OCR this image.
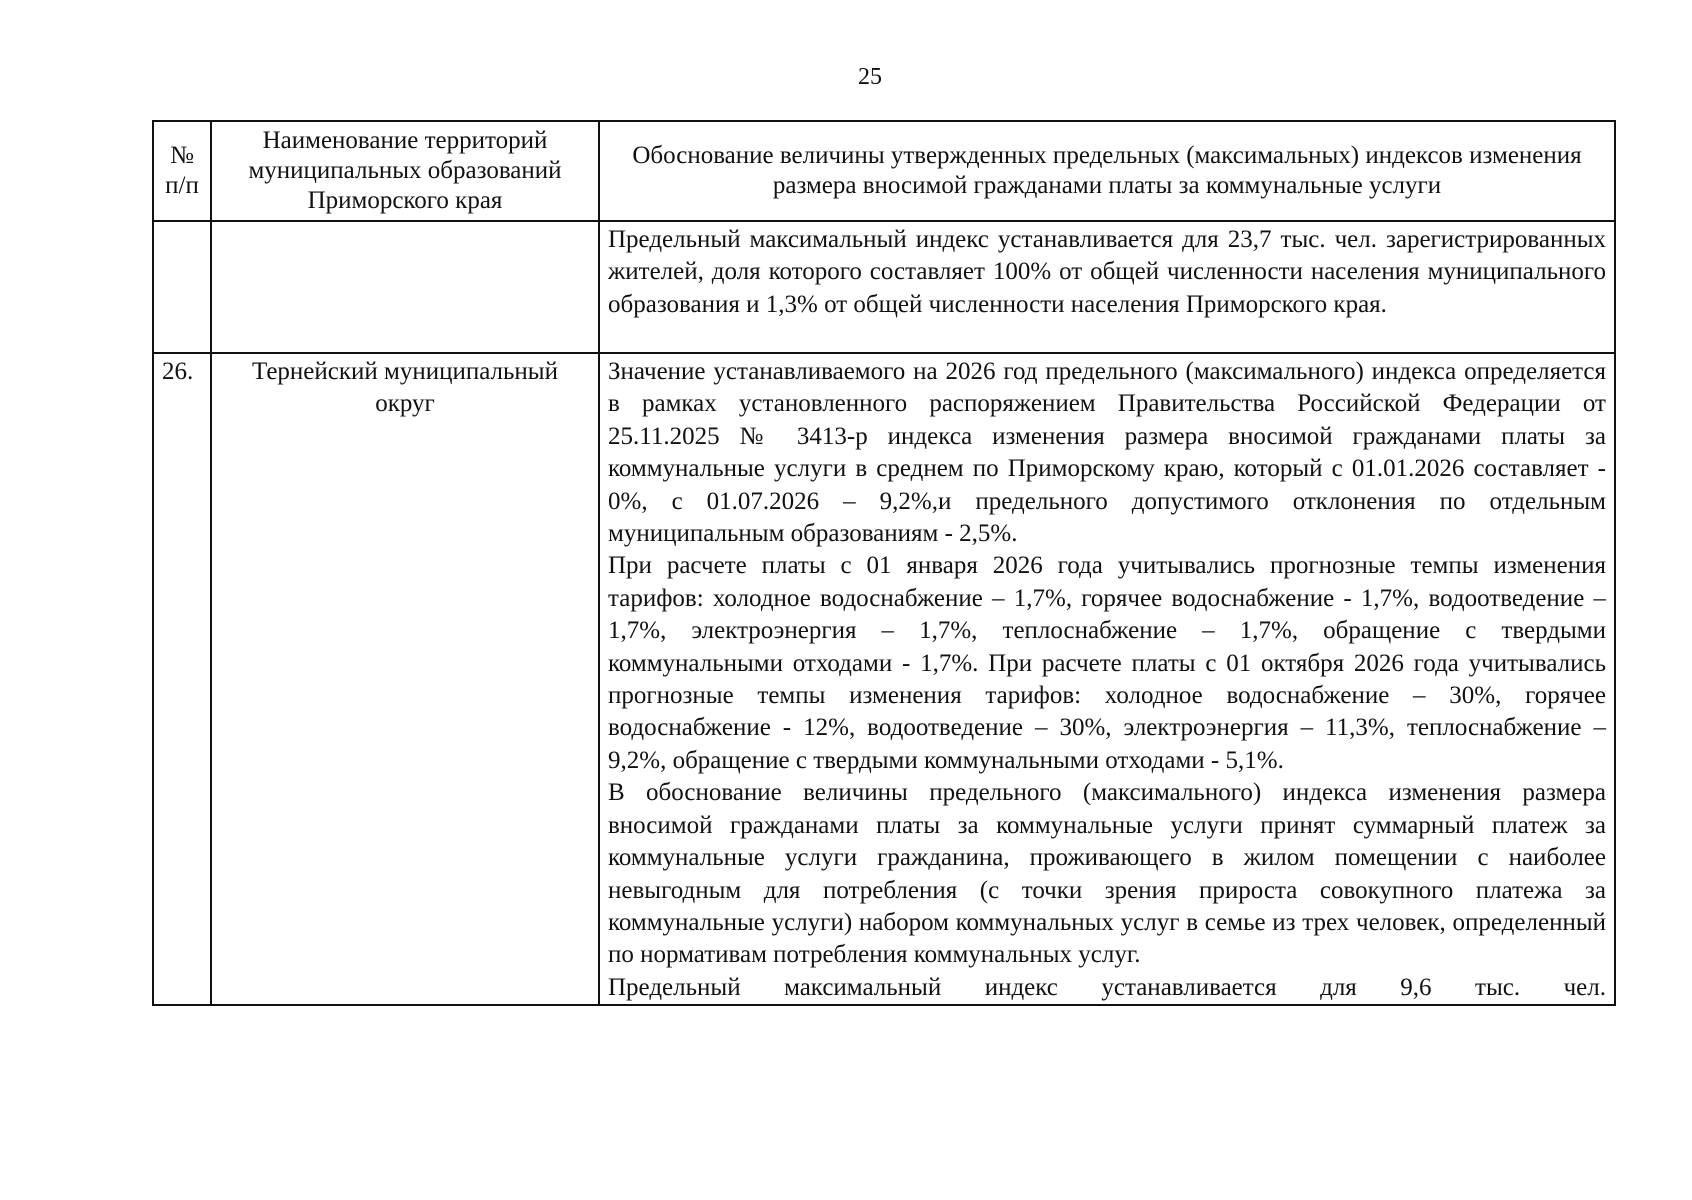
25
№ п/п	Наименование территорий муниципальных образований Приморского края	Обоснование величины утвержденных предельных (максимальных) индексов изменения размера вносимой гражданами платы за коммунальные услуги

		Предельный максимальный индекс устанавливается для 23,7 тыс. чел. зарегистрированных жителей, доля которого составляет 100% от общей численности населения муниципального образования и 1,3% от общей численности населения Приморского края.

26.	Тернейский муниципальный округ	Значение устанавливаемого на 2026 год предельного (максимального) индекса определяется в рамках установленного распоряжением Правительства Российской Федерации от 25.11.2025 № 3413-р индекса изменения размера вносимой гражданами платы за коммунальные услуги в среднем по Приморскому краю, который с 01.01.2026 составляет - 0%, с 01.07.2026 – 9,2%,и предельного допустимого отклонения по отдельным муниципальным образованиям - 2,5%.

При расчете платы с 01 января 2026 года учитывались прогнозные темпы изменения тарифов: холодное водоснабжение – 1,7%, горячее водоснабжение - 1,7%, водоотведение – 1,7%, электроэнергия – 1,7%, теплоснабжение – 1,7%, обращение с твердыми коммунальными отходами - 1,7%. При расчете платы с 01 октября 2026 года учитывались прогнозные темпы изменения тарифов: холодное водоснабжение – 30%, горячее водоснабжение - 12%, водоотведение – 30%, электроэнергия – 11,3%, теплоснабжение – 9,2%, обращение с твердыми коммунальными отходами - 5,1%.

В обоснование величины предельного (максимального) индекса изменения размера вносимой гражданами платы за коммунальные услуги принят суммарный платеж за коммунальные услуги гражданина, проживающего в жилом помещении с наиболее невыгодным для потребления (с точки зрения прироста совокупного платежа за коммунальные услуги) набором коммунальных услуг в семье из трех человек, определенный по нормативам потребления коммунальных услуг.

Предельный максимальный индекс устанавливается для 9,6 тыс. чел.
